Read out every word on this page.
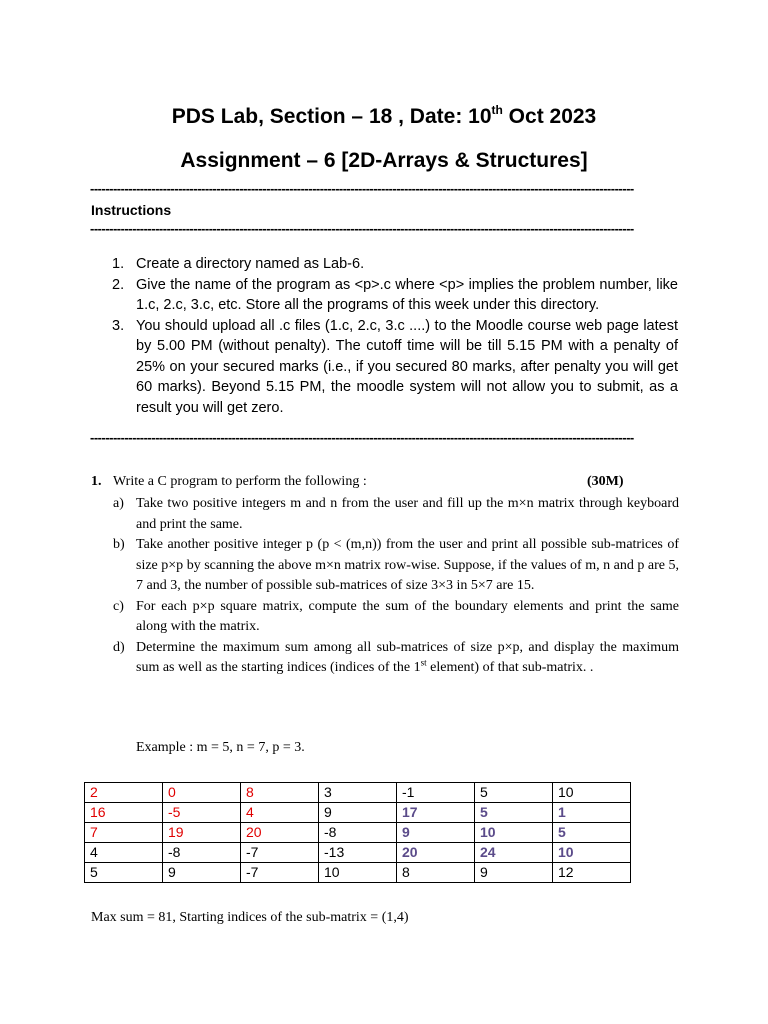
PDS Lab, Section – 18 , Date: 10th Oct 2023
Assignment – 6 [2D-Arrays & Structures]
----------------------------------------------------------------------------------------------------------------------------------------------
Instructions
----------------------------------------------------------------------------------------------------------------------------------------------
1. Create a directory named as Lab-6.
2. Give the name of the program as <p>.c where <p> implies the problem number, like 1.c, 2.c, 3.c, etc. Store all the programs of this week under this directory.
3. You should upload all .c files (1.c, 2.c, 3.c ....) to the Moodle course web page latest by 5.00 PM (without penalty). The cutoff time will be till 5.15 PM with a penalty of 25% on your secured marks (i.e., if you secured 80 marks, after penalty you will get 60 marks). Beyond 5.15 PM, the moodle system will not allow you to submit, as a result you will get zero.
----------------------------------------------------------------------------------------------------------------------------------------------
1. Write a C program to perform the following :	(30M)
a) Take two positive integers m and n from the user and fill up the m×n matrix through keyboard and print the same.
b) Take another positive integer p (p < (m,n)) from the user and print all possible sub-matrices of size p×p by scanning the above m×n matrix row-wise. Suppose, if the values of m, n and p are 5, 7 and 3, the number of possible sub-matrices of size 3×3 in 5×7 are 15.
c) For each p×p square matrix, compute the sum of the boundary elements and print the same along with the matrix.
d) Determine the maximum sum among all sub-matrices of size p×p, and display the maximum sum as well as the starting indices (indices of the 1st element) of that sub-matrix. .
Example : m = 5, n = 7, p = 3.
2	0	8	3	-1	5	10
16	-5	4	9	17	5	1
7	19	20	-8	9	10	5
4	-8	-7	-13	20	24	10
5	9	-7	10	8	9	12
Max sum = 81, Starting indices of the sub-matrix = (1,4)
